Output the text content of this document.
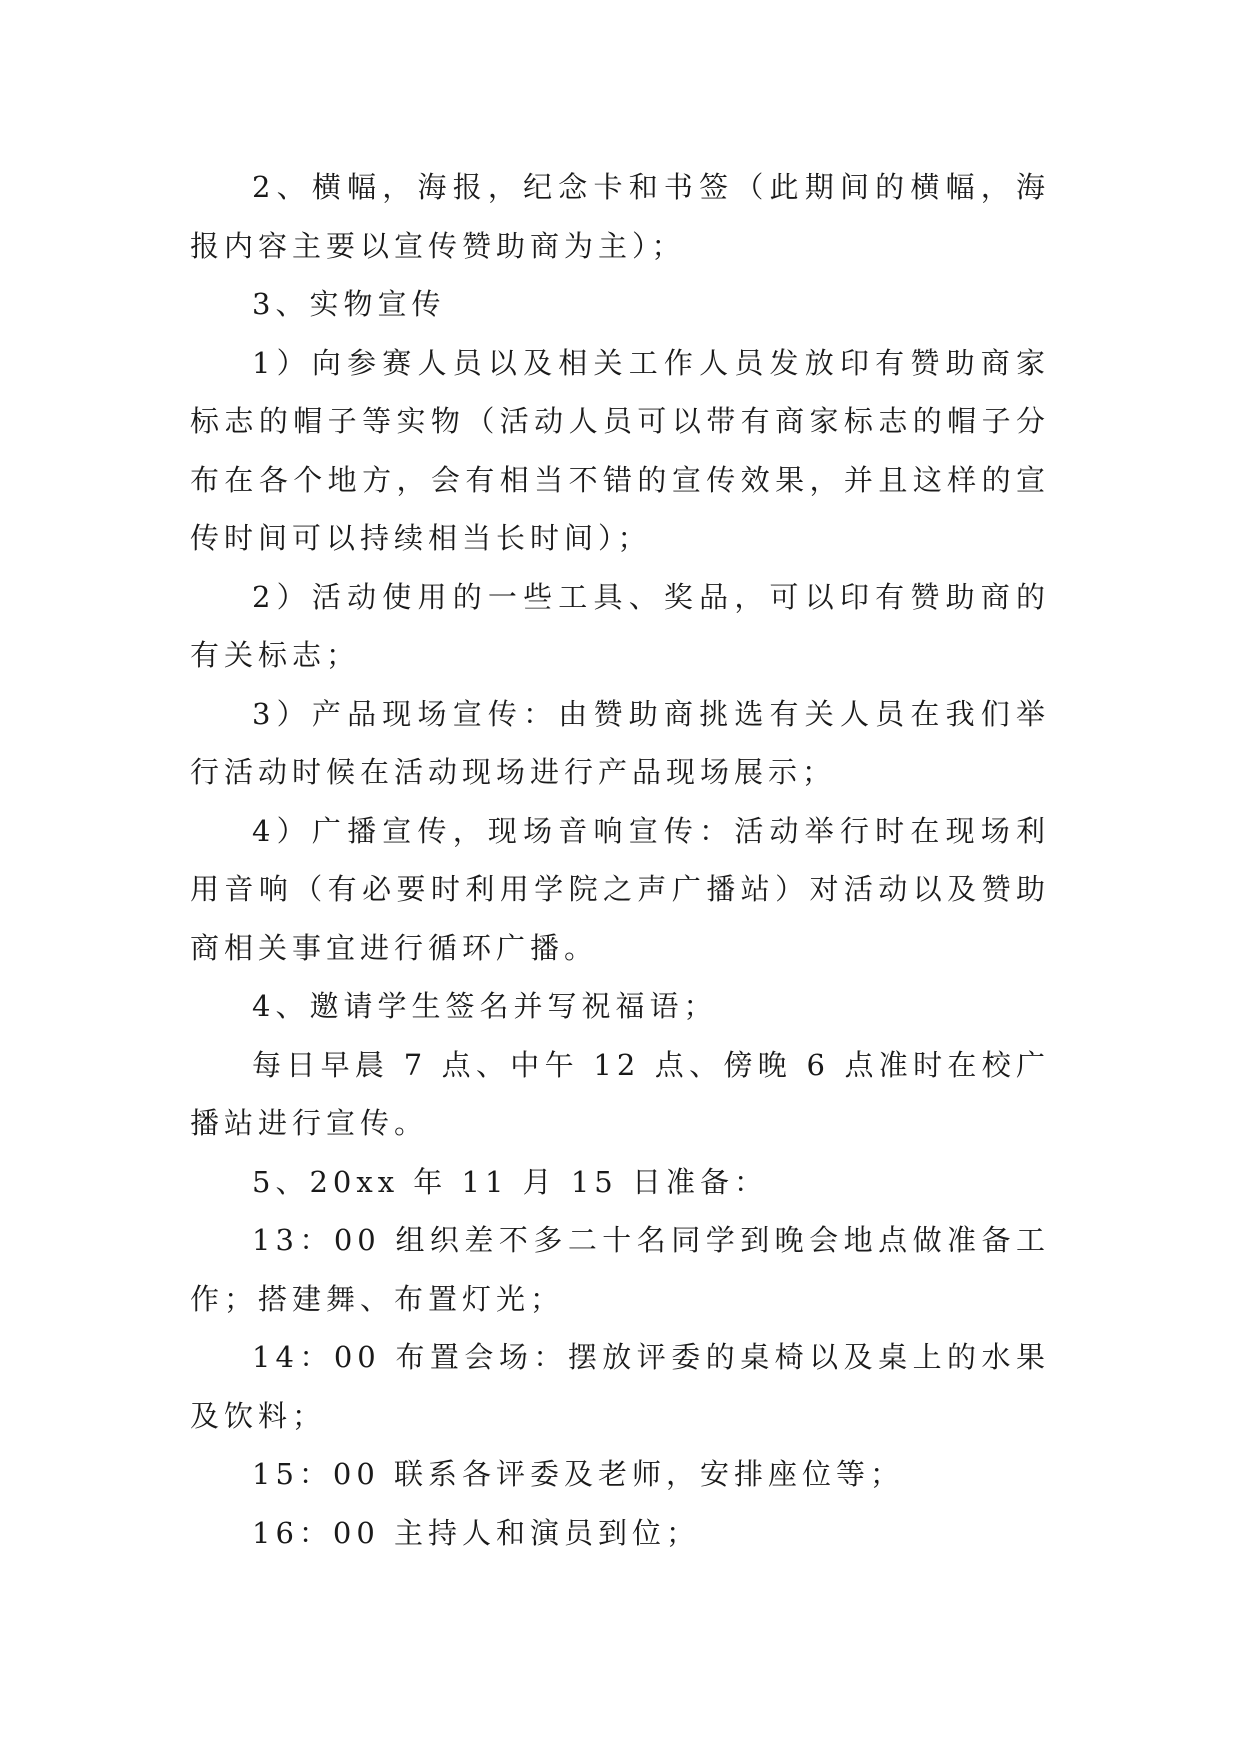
2、横幅，海报，纪念卡和书签（此期间的横幅，海报内容主要以宣传赞助商为主）；

3、实物宣传

1）向参赛人员以及相关工作人员发放印有赞助商家标志的帽子等实物（活动人员可以带有商家标志的帽子分布在各个地方，会有相当不错的宣传效果，并且这样的宣传时间可以持续相当长时间）；

2）活动使用的一些工具、奖品，可以印有赞助商的有关标志；

3）产品现场宣传：由赞助商挑选有关人员在我们举行活动时候在活动现场进行产品现场展示；

4）广播宣传，现场音响宣传：活动举行时在现场利用音响（有必要时利用学院之声广播站）对活动以及赞助商相关事宜进行循环广播。

4、邀请学生签名并写祝福语；

每日早晨 7 点、中午 12 点、傍晚 6 点准时在校广播站进行宣传。

5、20xx 年 11 月 15 日准备：

13：00 组织差不多二十名同学到晚会地点做准备工作；搭建舞、布置灯光；

14：00 布置会场：摆放评委的桌椅以及桌上的水果及饮料；

15：00 联系各评委及老师，安排座位等；

16：00 主持人和演员到位；
